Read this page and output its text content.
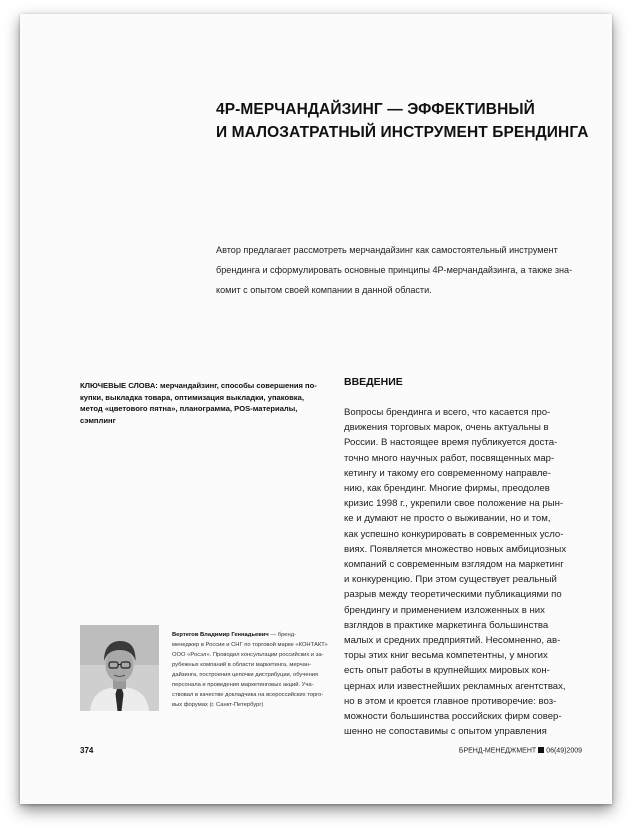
4P-МЕРЧАНДАЙЗИНГ — ЭФФЕКТИВНЫЙ
И МАЛОЗАТРАТНЫЙ ИНСТРУМЕНТ БРЕНДИНГА
Автор предлагает рассмотреть мерчандайзинг как самостоятельный инструмент
брендинга и сформулировать основные принципы 4P-мерчандайзинга, а также зна-
комит с опытом своей компании в данной области.
КЛЮЧЕВЫЕ СЛОВА: мерчандайзинг, способы совершения по-
купки, выкладка товара, оптимизация выкладки, упаковка,
метод «цветового пятна», планограмма, POS-материалы,
сэмплинг
ВВЕДЕНИЕ
Вопросы брендинга и всего, что касается про-
движения торговых марок, очень актуальны в
России. В настоящее время публикуется доста-
точно много научных работ, посвященных мар-
кетингу и такому его современному направле-
нию, как брендинг. Многие фирмы, преодолев
кризис 1998 г., укрепили свое положение на рын-
ке и думают не просто о выживании, но и том,
как успешно конкурировать в современных усло-
виях. Появляется множество новых амбициозных
компаний с современным взглядом на маркетинг
и конкуренцию. При этом существует реальный
разрыв между теоретическими публикациями по
брендингу и применением изложенных в них
взглядов в практике маркетинга большинства
малых и средних предприятий. Несомненно, ав-
торы этих книг весьма компетентны, у многих
есть опыт работы в крупнейших мировых кон-
цернах или известнейших рекламных агентствах,
но в этом и кроется главное противоречие: воз-
можности большинства российских фирм совер-
шенно не сопоставимы с опытом управления
Вертегов Владимир Геннадьевич — бренд-
менеджер в России и СНГ по торговой марке «КОНТАКТ»
ООО «Росэл». Проводил консультации российских и за-
рубежных компаний в области маркетинга, мерчан-
дайзинга, построения цепочки дистрибуции, обучения
персонала и проведения маркетинговых акций. Уча-
ствовал в качестве докладчика на всероссийских торго-
вых форумах (г. Санкт-Петербург)
374	БРЕНД-МЕНЕДЖМЕНТ 06(49)2009
